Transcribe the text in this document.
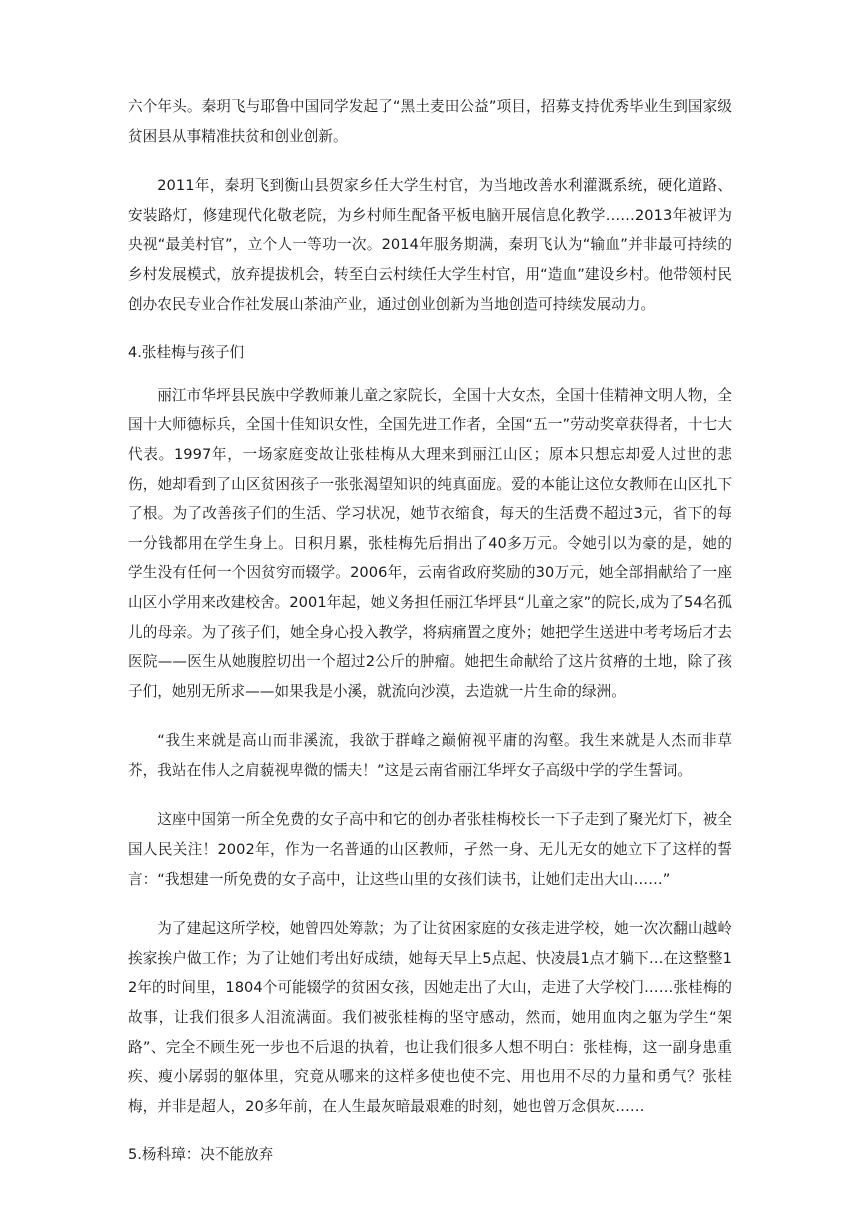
六个年头。秦玥飞与耶鲁中国同学发起了“黑土麦田公益”项目，招募支持优秀毕业生到国家级贫困县从事精准扶贫和创业创新。

2011年，秦玥飞到衡山县贺家乡任大学生村官，为当地改善水利灌溉系统，硬化道路、安装路灯，修建现代化敬老院，为乡村师生配备平板电脑开展信息化教学……2013年被评为央视“最美村官”，立个人一等功一次。2014年服务期满，秦玥飞认为“输血”并非最可持续的乡村发展模式，放弃提拔机会，转至白云村续任大学生村官，用“造血”建设乡村。他带领村民创办农民专业合作社发展山茶油产业，通过创业创新为当地创造可持续发展动力。

4.张桂梅与孩子们

丽江市华坪县民族中学教师兼儿童之家院长，全国十大女杰，全国十佳精神文明人物，全国十大师德标兵，全国十佳知识女性，全国先进工作者，全国“五一”劳动奖章获得者，十七大代表。1997年，一场家庭变故让张桂梅从大理来到丽江山区；原本只想忘却爱人过世的悲伤，她却看到了山区贫困孩子一张张渴望知识的纯真面庞。爱的本能让这位女教师在山区扎下了根。为了改善孩子们的生活、学习状况，她节衣缩食，每天的生活费不超过3元，省下的每一分钱都用在学生身上。日积月累，张桂梅先后捐出了40多万元。令她引以为豪的是，她的学生没有任何一个因贫穷而辍学。2006年，云南省政府奖励的30万元，她全部捐献给了一座山区小学用来改建校舍。2001年起，她义务担任丽江华坪县“儿童之家”的院长,成为了54名孤儿的母亲。为了孩子们，她全身心投入教学，将病痛置之度外；她把学生送进中考考场后才去医院——医生从她腹腔切出一个超过2公斤的肿瘤。她把生命献给了这片贫瘠的土地，除了孩子们，她别无所求——如果我是小溪，就流向沙漠，去造就一片生命的绿洲。

“我生来就是高山而非溪流，我欲于群峰之巅俯视平庸的沟壑。我生来就是人杰而非草芥，我站在伟人之肩藐视卑微的懦夫！”这是云南省丽江华坪女子高级中学的学生誓词。

这座中国第一所全免费的女子高中和它的创办者张桂梅校长一下子走到了聚光灯下，被全国人民关注！2002年，作为一名普通的山区教师，孑然一身、无儿无女的她立下了这样的誓言：“我想建一所免费的女子高中，让这些山里的女孩们读书，让她们走出大山……”

为了建起这所学校，她曾四处筹款；为了让贫困家庭的女孩走进学校，她一次次翻山越岭挨家挨户做工作；为了让她们考出好成绩，她每天早上5点起、快凌晨1点才躺下…在这整整12年的时间里，1804个可能辍学的贫困女孩，因她走出了大山，走进了大学校门……张桂梅的故事，让我们很多人泪流满面。我们被张桂梅的坚守感动，然而，她用血肉之躯为学生“架路”、完全不顾生死一步也不后退的执着，也让我们很多人想不明白：张桂梅，这一副身患重疾、瘦小孱弱的躯体里，究竟从哪来的这样多使也使不完、用也用不尽的力量和勇气？张桂梅，并非是超人，20多年前，在人生最灰暗最艰难的时刻，她也曾万念俱灰……

5.杨科璋：决不能放弃
